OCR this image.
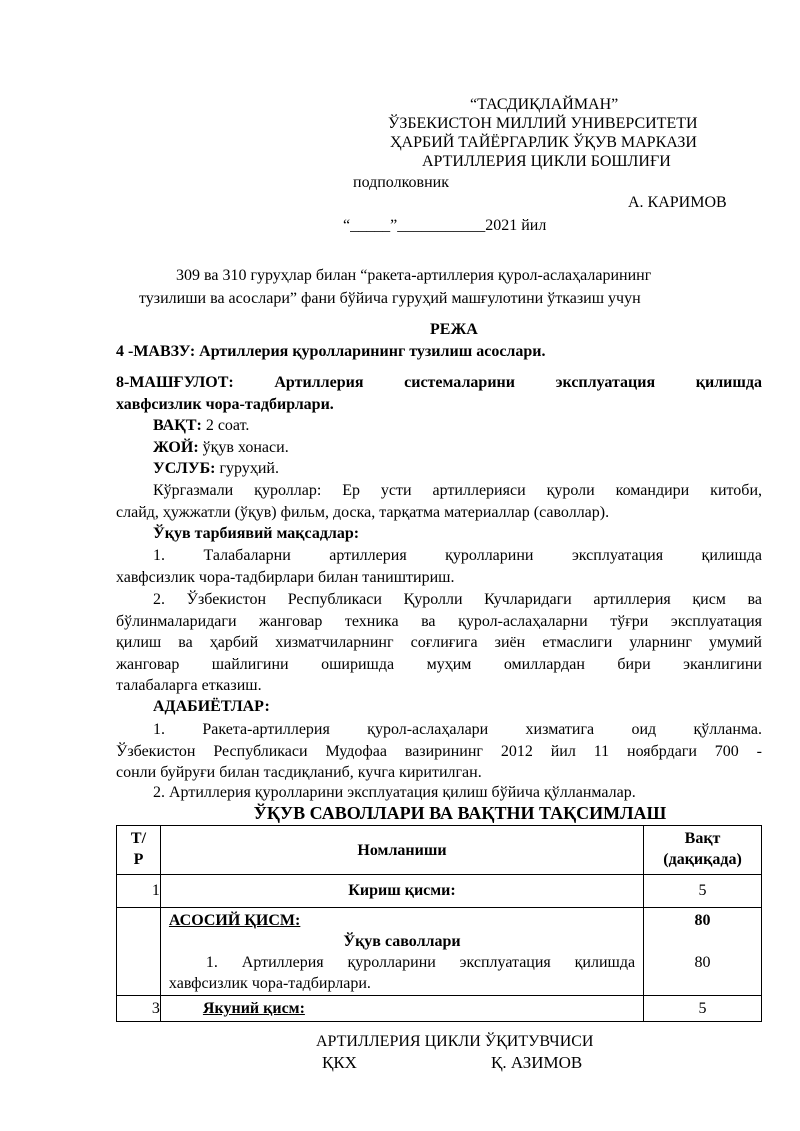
“ТАСДИҚЛАЙМАН”
ЎЗБЕКИСТОН МИЛЛИЙ УНИВЕРСИТЕТИ
ҲАРБИЙ ТАЙЁРГАРЛИК ЎҚУВ МАРКАЗИ
АРТИЛЛЕРИЯ ЦИКЛИ БОШЛИҒИ
подполковник
А. КАРИМОВ
“_____”___________2021 йил
309 ва 310 гуруҳлар билан “ракета-артиллерия қурол-аслаҳаларининг
тузилиши ва асослари” фани бўйича гуруҳий машғулотини ўтказиш учун
РЕЖА
4 -МАВЗУ: Артиллерия қуролларининг тузилиш асослари.
8-МАШҒУЛОТ: Артиллерия системаларини эксплуатация қилишда
хавфсизлик чора-тадбирлари.
ВАҚТ: 2 соат.
ЖОЙ: ўқув хонаси.
УСЛУБ: гуруҳий.
Кўргазмали қуроллар: Ер усти артиллерияси қуроли командири китоби,
слайд, ҳужжатли (ўқув) фильм, доска, тарқатма материаллар (саволлар).
Ўқув тарбиявий мақсадлар:
1. Талабаларни артиллерия қуролларини эксплуатация қилишда
хавфсизлик чора-тадбирлари билан таништириш.
2. Ўзбекистон Республикаси Қуролли Кучларидаги артиллерия қисм ва
бўлинмаларидаги жанговар техника ва қурол-аслаҳаларни тўғри эксплуатация
қилиш ва ҳарбий хизматчиларнинг соғлиғига зиён етмаслиги уларнинг умумий
жанговар шайлигини оширишда муҳим омиллардан бири эканлигини
талабаларга етказиш.
АДАБИЁТЛАР:
1. Ракета-артиллерия қурол-аслаҳалари хизматига оид қўлланма.
Ўзбекистон Республикаси Мудофаа вазирининг 2012 йил 11 ноябрдаги 700 -
сонли буйруғи билан тасдиқланиб, кучга киритилган.
2. Артиллерия қуролларини эксплуатация қилиш бўйича қўлланмалар.
ЎҚУВ САВОЛЛАРИ ВА ВАҚТНИ ТАҚСИМЛАШ
Т/
Р	Номланиши	Вақт
(дақиқада)

1	Кириш қисми:	5

	АСОСИЙ ҚИСМ:
Ўқув саволлари
1. Артиллерия қуролларини эксплуатация қилишда
хавфсизлик чора-тадбирлари.	80
80

3	Якуний қисм:	5
АРТИЛЛЕРИЯ ЦИКЛИ ЎҚИТУВЧИСИ
ҚКХ	Қ. АЗИМОВ
